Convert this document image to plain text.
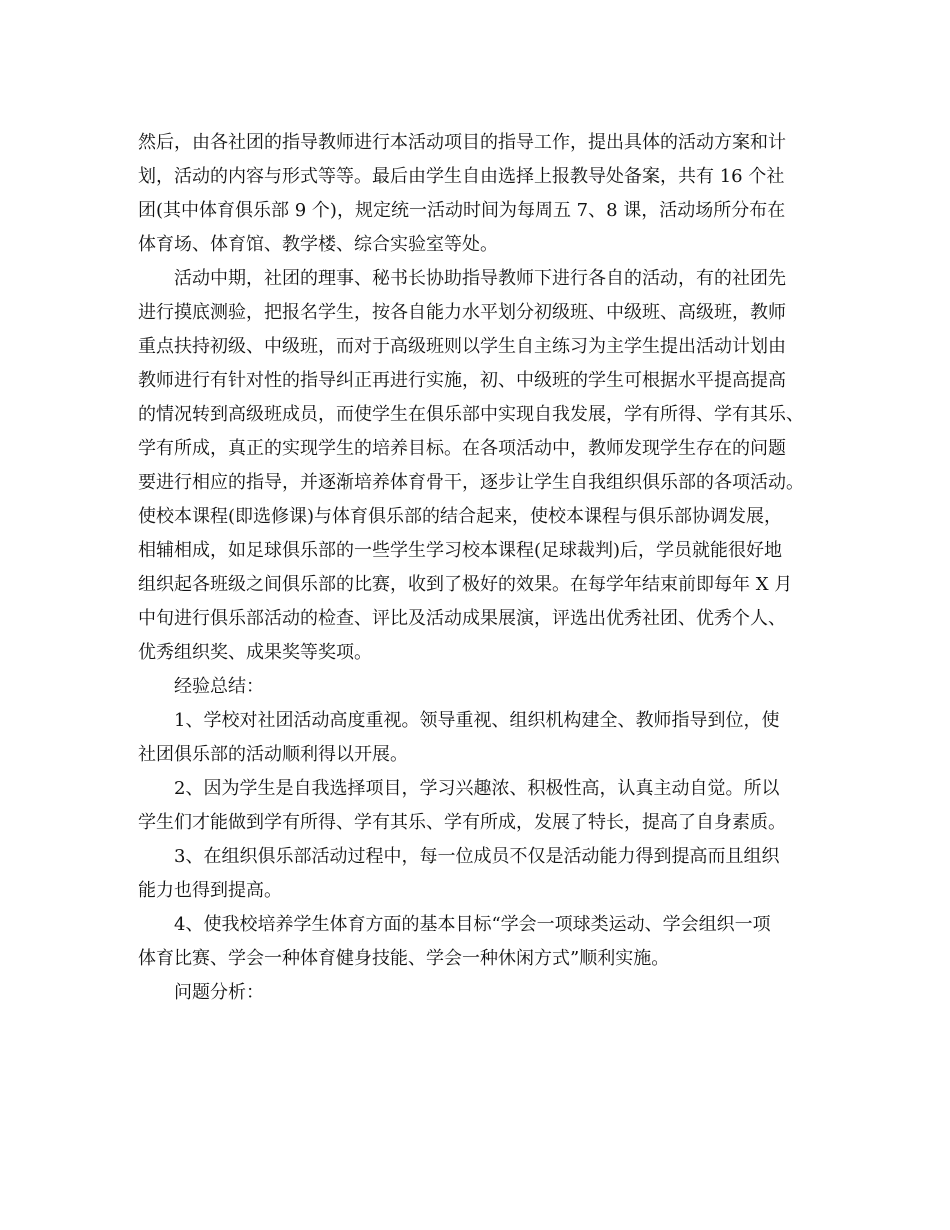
然后，由各社团的指导教师进行本活动项目的指导工作，提出具体的活动方案和计
划，活动的内容与形式等等。最后由学生自由选择上报教导处备案，共有 16 个社
团(其中体育俱乐部 9 个)，规定统一活动时间为每周五 7、8 课，活动场所分布在
体育场、体育馆、教学楼、综合实验室等处。
活动中期，社团的理事、秘书长协助指导教师下进行各自的活动，有的社团先
进行摸底测验，把报名学生，按各自能力水平划分初级班、中级班、高级班，教师
重点扶持初级、中级班，而对于高级班则以学生自主练习为主学生提出活动计划由
教师进行有针对性的指导纠正再进行实施，初、中级班的学生可根据水平提高提高
的情况转到高级班成员，而使学生在俱乐部中实现自我发展，学有所得、学有其乐、
学有所成，真正的实现学生的培养目标。在各项活动中，教师发现学生存在的问题
要进行相应的指导，并逐渐培养体育骨干，逐步让学生自我组织俱乐部的各项活动。
使校本课程(即选修课)与体育俱乐部的结合起来，使校本课程与俱乐部协调发展，
相辅相成，如足球俱乐部的一些学生学习校本课程(足球裁判)后，学员就能很好地
组织起各班级之间俱乐部的比赛，收到了极好的效果。在每学年结束前即每年 X 月
中旬进行俱乐部活动的检查、评比及活动成果展演，评选出优秀社团、优秀个人、
优秀组织奖、成果奖等奖项。
经验总结：
1、学校对社团活动高度重视。领导重视、组织机构建全、教师指导到位，使
社团俱乐部的活动顺利得以开展。
2、因为学生是自我选择项目，学习兴趣浓、积极性高，认真主动自觉。所以
学生们才能做到学有所得、学有其乐、学有所成，发展了特长，提高了自身素质。
3、在组织俱乐部活动过程中，每一位成员不仅是活动能力得到提高而且组织
能力也得到提高。
4、使我校培养学生体育方面的基本目标“学会一项球类运动、学会组织一项
体育比赛、学会一种体育健身技能、学会一种休闲方式”顺利实施。
问题分析：
